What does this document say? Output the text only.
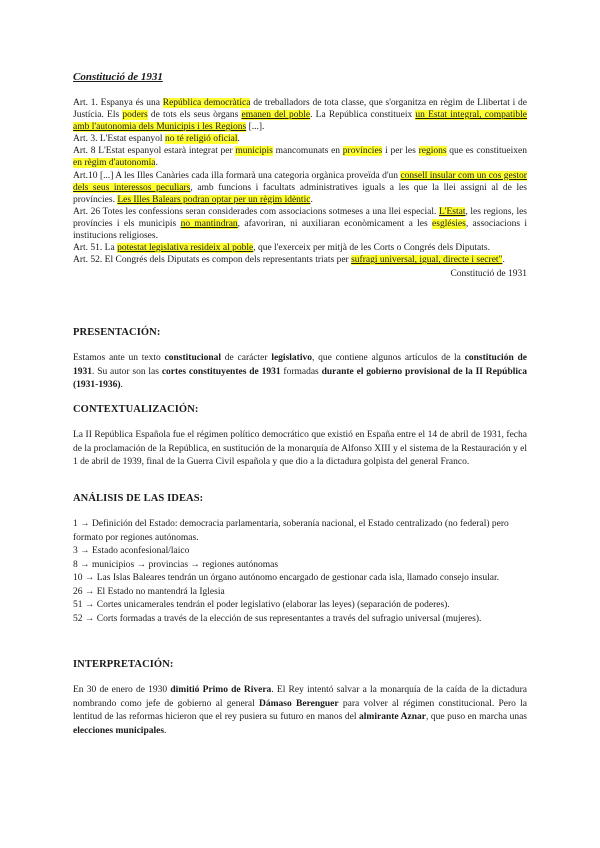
Constitució de 1931

Art. 1. Espanya és una República democràtica de treballadors de tota classe, que s'organitza en règim de Llibertat i de Justícia. Els poders de tots els seus òrgans emanen del poble. La República constitueix un Estat integral, compatible amb l'autonomia dels Municipis i les Regions [...].

Art. 3. L'Estat espanyol no té religió oficial.

Art. 8 L'Estat espanyol estarà integrat per municipis mancomunats en províncies i per les regions que es constitueixen en règim d'autonomia.

Art.10 [...] A les Illes Canàries cada illa formarà una categoria orgànica proveïda d'un consell insular com un cos gestor dels seus interessos peculiars, amb funcions i facultats administratives iguals a les que la llei assigni al de les províncies. Les Illes Balears podran optar per un règim idèntic.

Art. 26 Totes les confessions seran considerades com associacions sotmeses a una llei especial. L'Estat, les regions, les províncies i els municipis no mantindran, afavoriran, ni auxiliaran econòmicament a les esglésies, associacions i institucions religioses.

Art. 51. La potestat legislativa resideix al poble, que l'exerceix per mitjà de les Corts o Congrés dels Diputats.

Art. 52. El Congrés dels Diputats es compon dels representants triats per sufragi universal, igual, directe i secret".

Constitució de 1931

PRESENTACIÓN:

Estamos ante un texto constitucional de carácter legislativo, que contiene algunos artículos de la constitución de 1931. Su autor son las cortes constituyentes de 1931 formadas durante el gobierno provisional de la II República (1931-1936).

CONTEXTUALIZACIÓN:

La II República Española fue el régimen político democrático que existió en España entre el 14 de abril de 1931, fecha de la proclamación de la República, en sustitución de la monarquía de Alfonso XIII y el sistema de la Restauración y el 1 de abril de 1939, final de la Guerra Civil española y que dio a la dictadura golpista del general Franco.

ANÁLISIS DE LAS IDEAS:

1 → Definición del Estado: democracia parlamentaria, soberanía nacional, el Estado centralizado (no federal) pero formato por regiones autónomas.

3 → Estado aconfesional/laico

8 → municipios → provincias → regiones autónomas

10 → Las Islas Baleares tendrán un órgano autónomo encargado de gestionar cada isla, llamado consejo insular.

26 → El Estado no mantendrá la Iglesia

51 → Cortes unicamerales tendrán el poder legislativo (elaborar las leyes) (separación de poderes).

52 → Corts formadas a través de la elección de sus representantes a través del sufragio universal (mujeres).

INTERPRETACIÓN:

En 30 de enero de 1930 dimitió Primo de Rivera. El Rey intentó salvar a la monarquía de la caída de la dictadura nombrando como jefe de gobierno al general Dámaso Berenguer para volver al régimen constitucional. Pero la lentitud de las reformas hicieron que el rey pusiera su futuro en manos del almirante Aznar, que puso en marcha unas elecciones municipales.
